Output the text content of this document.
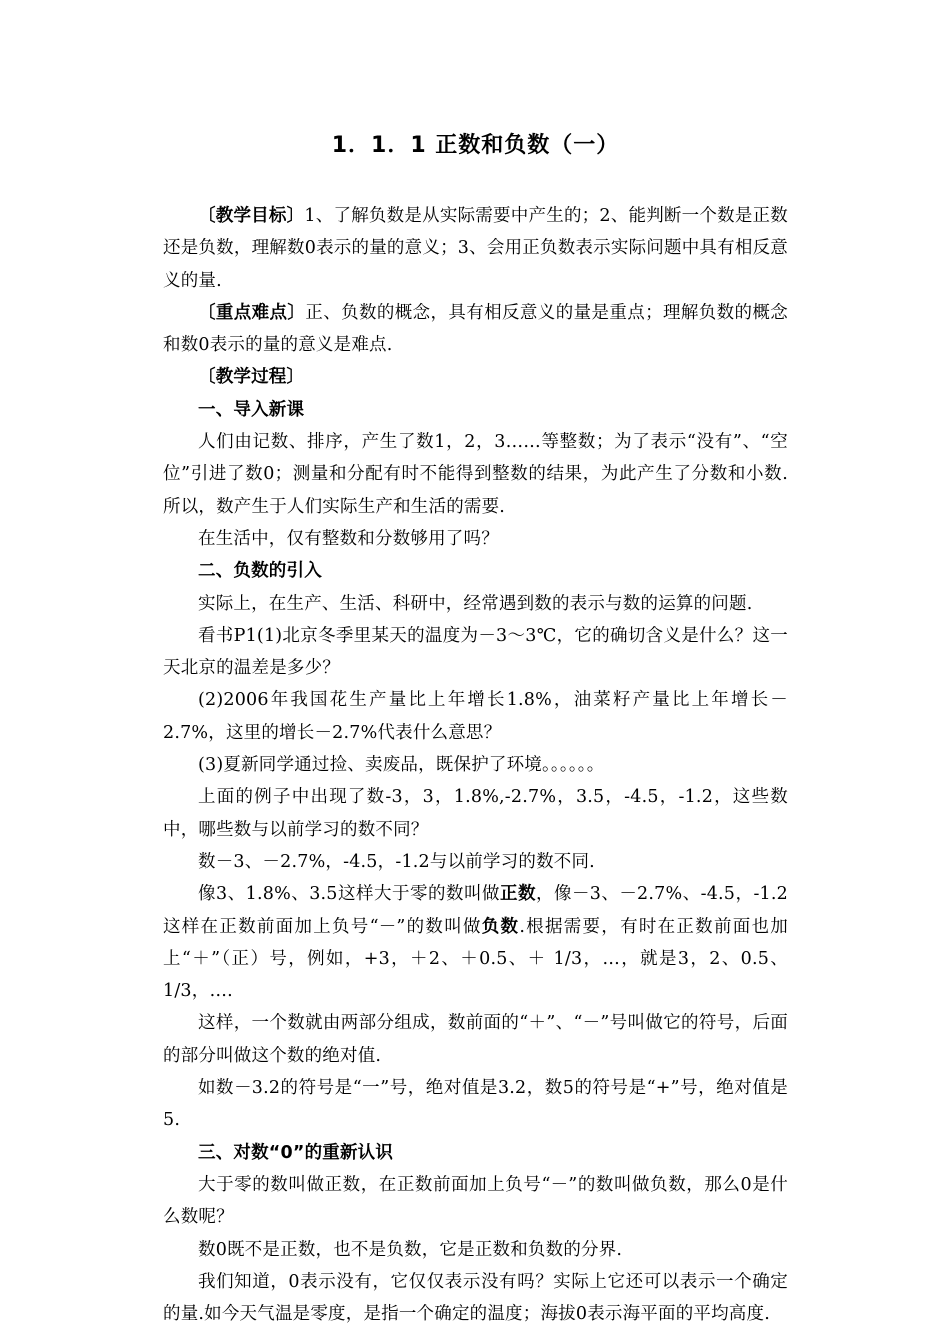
1．1．1 正数和负数（一）

〔教学目标〕1、了解负数是从实际需要中产生的；2、能判断一个数是正数还是负数，理解数0表示的量的意义；3、会用正负数表示实际问题中具有相反意义的量.

〔重点难点〕正、负数的概念，具有相反意义的量是重点；理解负数的概念和数0表示的量的意义是难点.

〔教学过程〕

一、导入新课

人们由记数、排序，产生了数1，2，3……等整数；为了表示“没有”、“空位”引进了数0；测量和分配有时不能得到整数的结果，为此产生了分数和小数. 所以，数产生于人们实际生产和生活的需要.

在生活中，仅有整数和分数够用了吗？

二、负数的引入

实际上，在生产、生活、科研中，经常遇到数的表示与数的运算的问题.

看书P1(1)北京冬季里某天的温度为－3～3℃，它的确切含义是什么？这一天北京的温差是多少？

(2)2006年我国花生产量比上年增长1.8%，油菜籽产量比上年增长－2.7%，这里的增长－2.7%代表什么意思？

(3)夏新同学通过捡、卖废品，既保护了环境。。。。。。

上面的例子中出现了数-3，3，1.8%,-2.7%，3.5，-4.5，-1.2，这些数中，哪些数与以前学习的数不同？

数－3、－2.7%，-4.5，-1.2与以前学习的数不同.

像3、1.8%、3.5这样大于零的数叫做正数，像－3、－2.7%、-4.5，-1.2这样在正数前面加上负号“－”的数叫做负数.根据需要，有时在正数前面也加上“＋”（正）号，例如，+3，＋2、＋0.5、＋ 1/3，…，就是3，2、0.5、1/3，….

这样，一个数就由两部分组成，数前面的“＋”、“－”号叫做它的符号，后面的部分叫做这个数的绝对值.

如数－3.2的符号是“一”号，绝对值是3.2，数5的符号是“+”号，绝对值是5.

三、对数“0”的重新认识

大于零的数叫做正数，在正数前面加上负号“－”的数叫做负数，那么0是什么数呢？

数0既不是正数，也不是负数，它是正数和负数的分界.

我们知道，0表示没有，它仅仅表示没有吗？实际上它还可以表示一个确定的量.如今天气温是零度，是指一个确定的温度；海拔0表示海平面的平均高度.
